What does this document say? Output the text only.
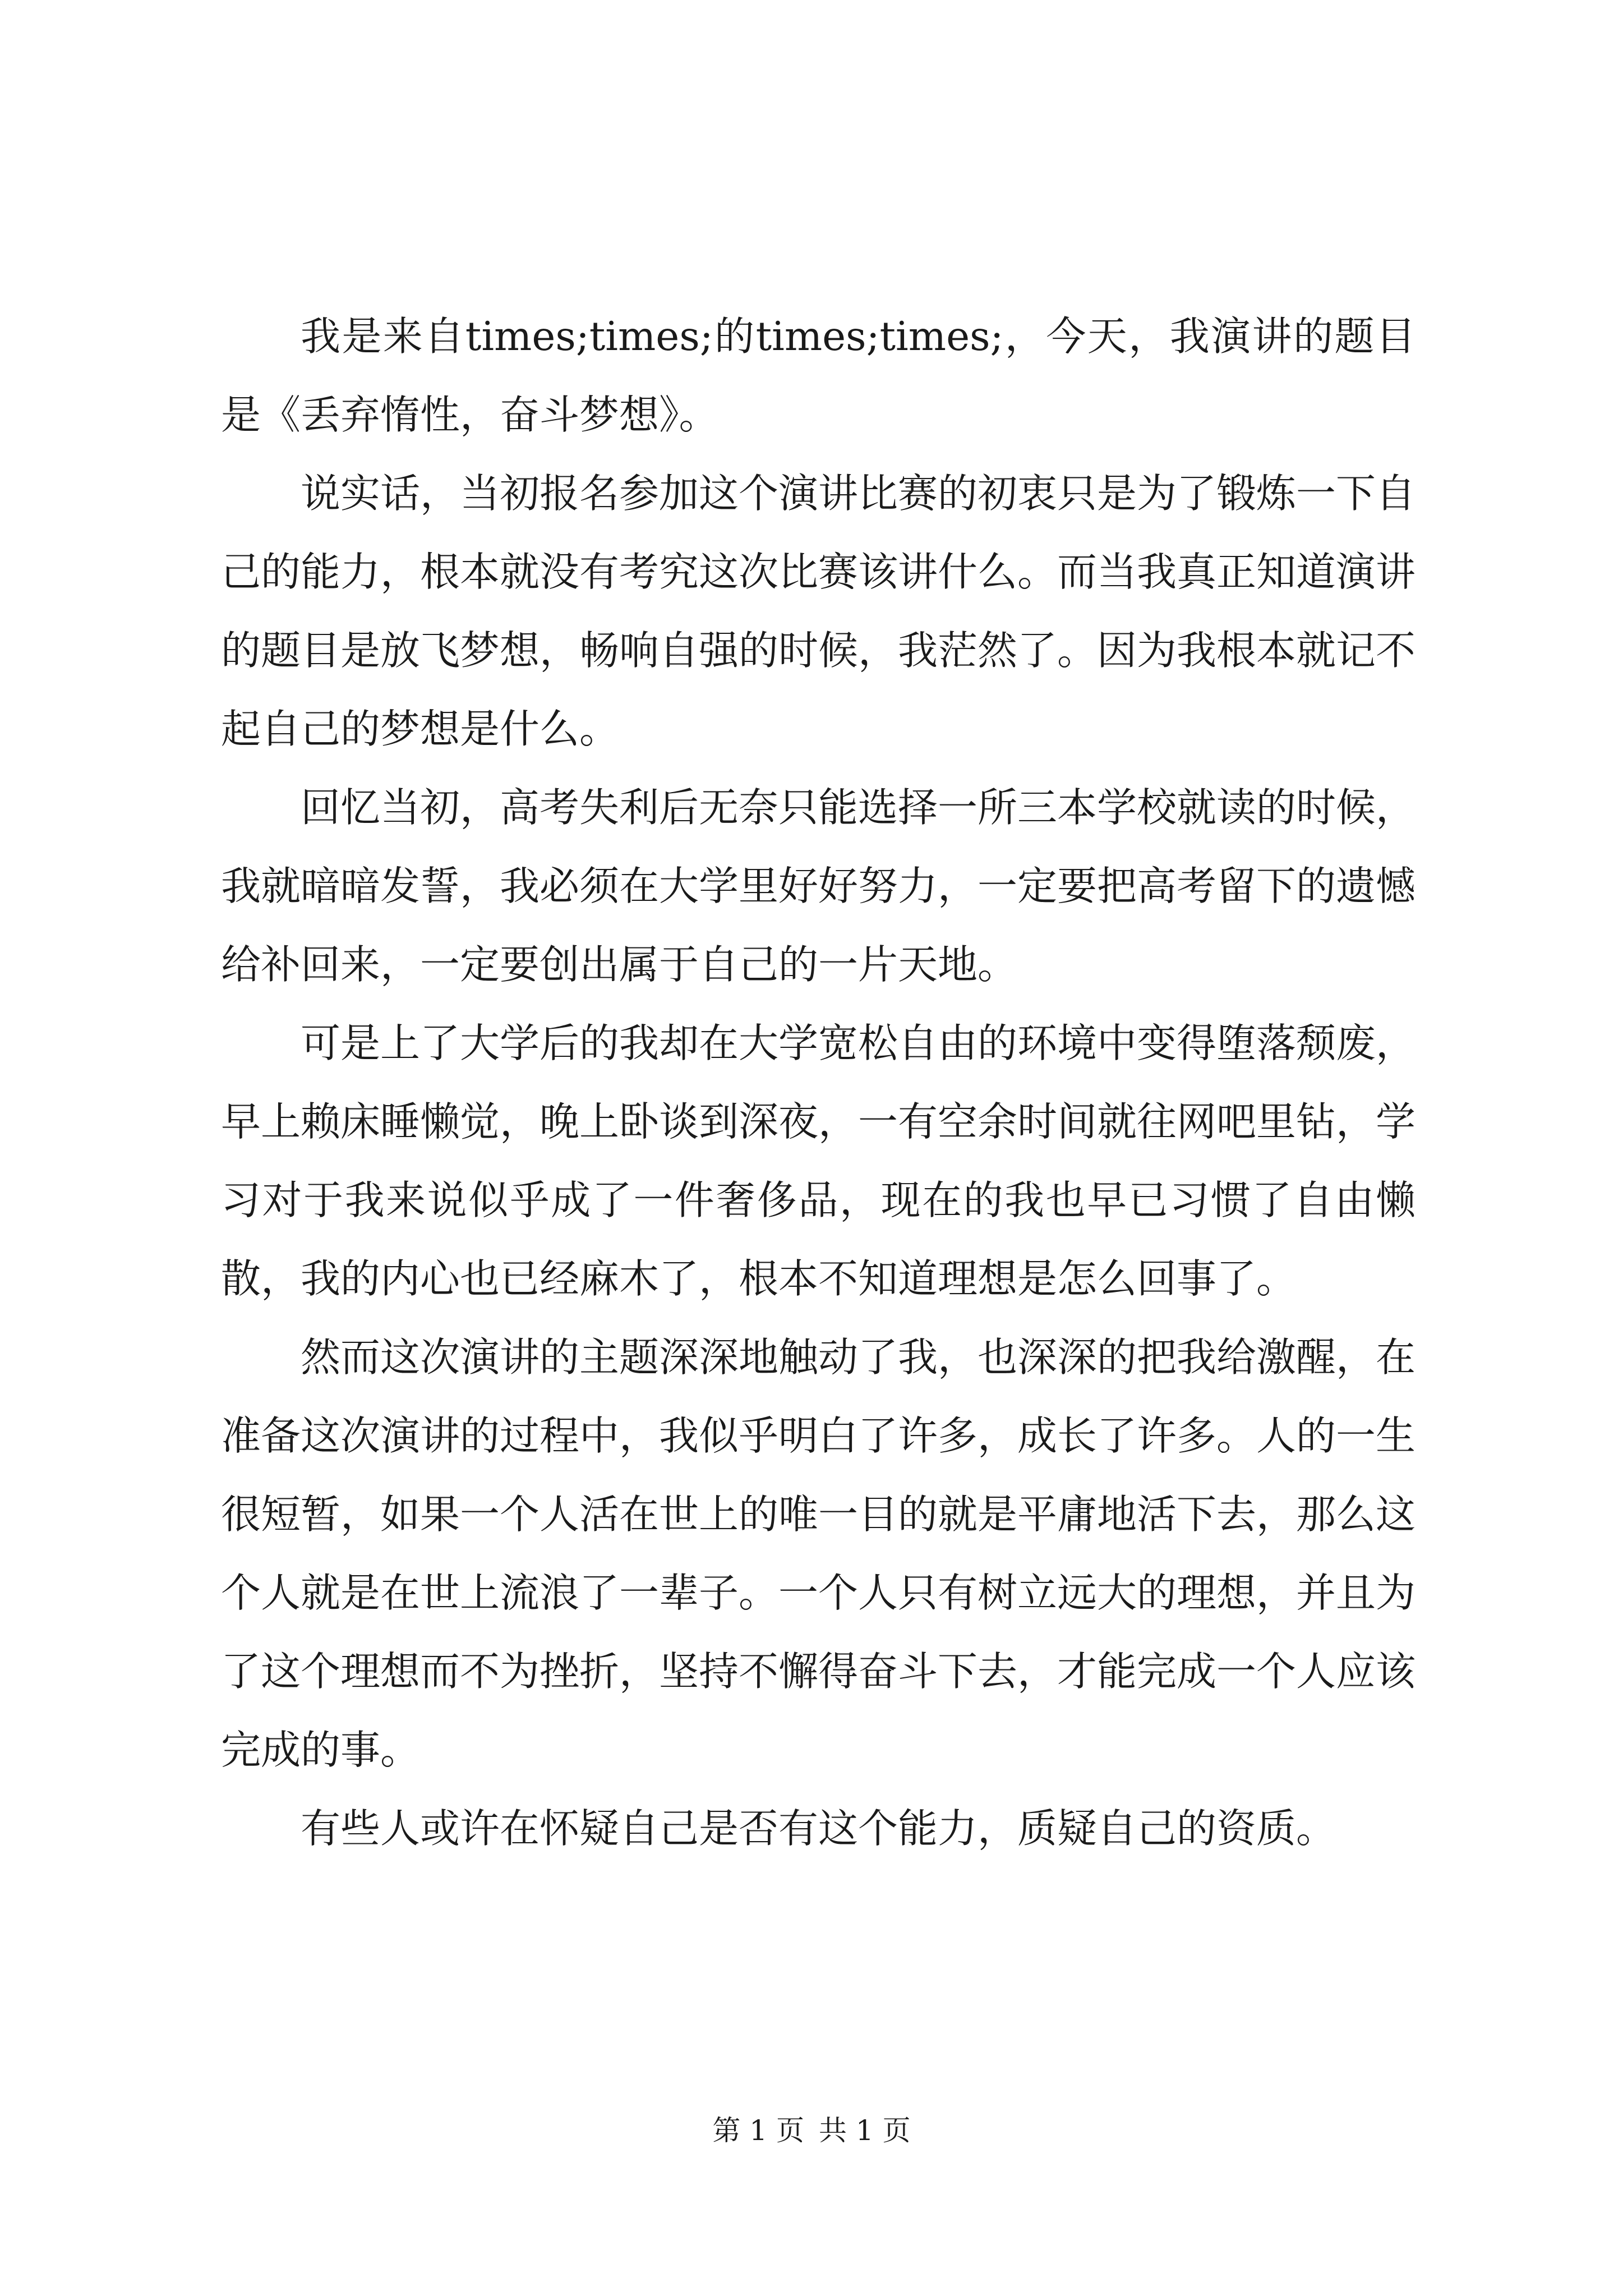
我是来自times;times;的times;times;，今天，我演讲的题目是《丢弃惰性，奋斗梦想》。

说实话，当初报名参加这个演讲比赛的初衷只是为了锻炼一下自己的能力，根本就没有考究这次比赛该讲什么。而当我真正知道演讲的题目是放飞梦想，畅响自强的时候，我茫然了。因为我根本就记不起自己的梦想是什么。

回忆当初，高考失利后无奈只能选择一所三本学校就读的时候，我就暗暗发誓，我必须在大学里好好努力，一定要把高考留下的遗憾给补回来，一定要创出属于自己的一片天地。

可是上了大学后的我却在大学宽松自由的环境中变得堕落颓废，早上赖床睡懒觉，晚上卧谈到深夜，一有空余时间就往网吧里钻，学习对于我来说似乎成了一件奢侈品，现在的我也早已习惯了自由懒散，我的内心也已经麻木了，根本不知道理想是怎么回事了。

然而这次演讲的主题深深地触动了我，也深深的把我给激醒，在准备这次演讲的过程中，我似乎明白了许多，成长了许多。人的一生很短暂，如果一个人活在世上的唯一目的就是平庸地活下去，那么这个人就是在世上流浪了一辈子。一个人只有树立远大的理想，并且为了这个理想而不为挫折，坚持不懈得奋斗下去，才能完成一个人应该完成的事。

有些人或许在怀疑自己是否有这个能力，质疑自己的资质。

第 1 页 共 1 页
